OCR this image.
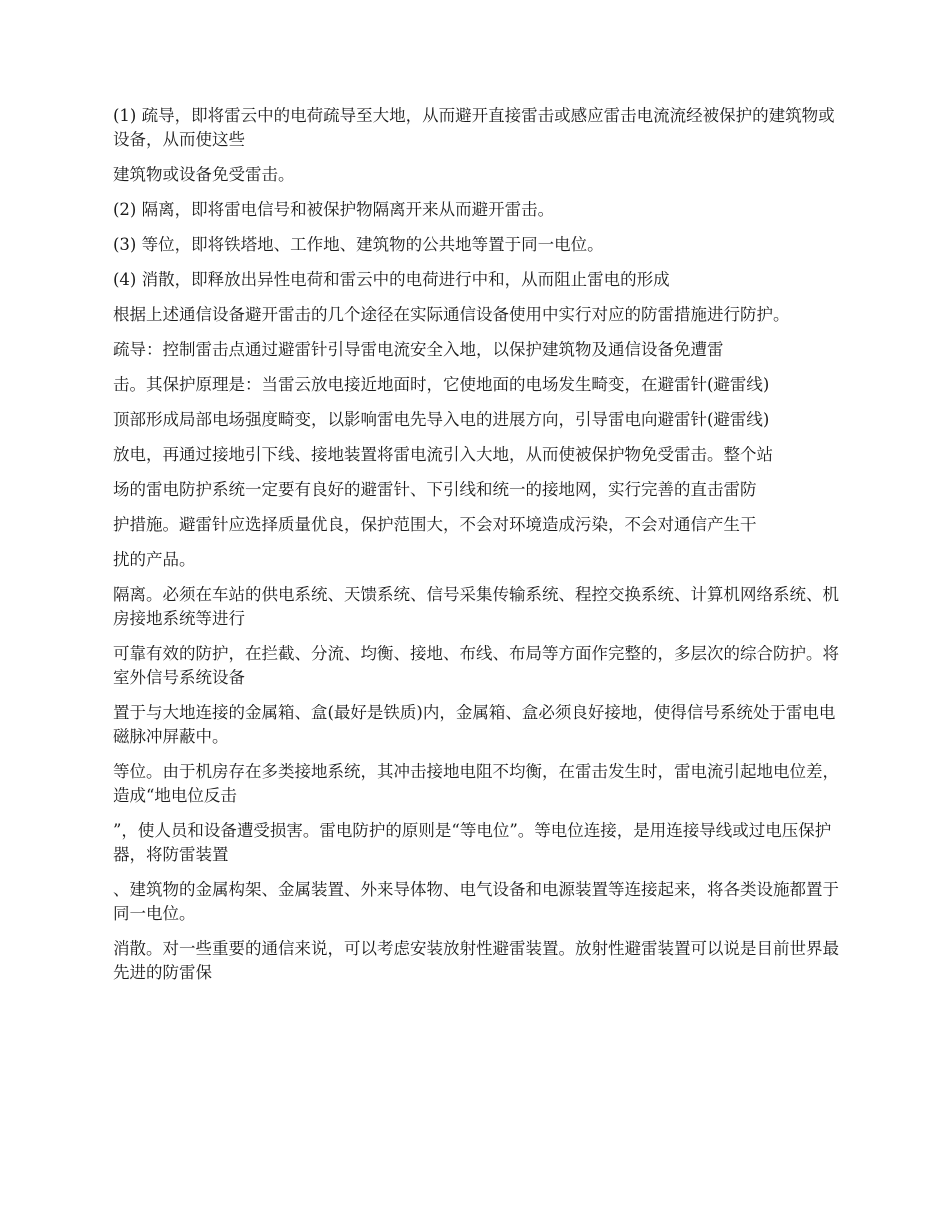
(1) 疏导，即将雷云中的电荷疏导至大地，从而避开直接雷击或感应雷击电流流经被保护的建筑物或设备，从而使这些

建筑物或设备免受雷击。

(2) 隔离，即将雷电信号和被保护物隔离开来从而避开雷击。

(3) 等位，即将铁塔地、工作地、建筑物的公共地等置于同一电位。

(4) 消散，即释放出异性电荷和雷云中的电荷进行中和，从而阻止雷电的形成

根据上述通信设备避开雷击的几个途径在实际通信设备使用中实行对应的防雷措施进行防护。

疏导：控制雷击点通过避雷针引导雷电流安全入地，以保护建筑物及通信设备免遭雷

击。其保护原理是：当雷云放电接近地面时，它使地面的电场发生畸变，在避雷针(避雷线)

顶部形成局部电场强度畸变，以影响雷电先导入电的进展方向，引导雷电向避雷针(避雷线)

放电，再通过接地引下线、接地装置将雷电流引入大地，从而使被保护物免受雷击。整个站

场的雷电防护系统一定要有良好的避雷针、下引线和统一的接地网，实行完善的直击雷防

护措施。避雷针应选择质量优良，保护范围大，不会对环境造成污染，不会对通信产生干

扰的产品。

隔离。必须在车站的供电系统、天馈系统、信号采集传输系统、程控交换系统、计算机网络系统、机房接地系统等进行

可靠有效的防护，在拦截、分流、均衡、接地、布线、布局等方面作完整的，多层次的综合防护。将室外信号系统设备

置于与大地连接的金属箱、盒(最好是铁质)内，金属箱、盒必须良好接地，使得信号系统处于雷电电磁脉冲屏蔽中。

等位。由于机房存在多类接地系统，其冲击接地电阻不均衡，在雷击发生时，雷电流引起地电位差，造成“地电位反击

”，使人员和设备遭受损害。雷电防护的原则是“等电位”。等电位连接，是用连接导线或过电压保护器，将防雷装置

、建筑物的金属构架、金属装置、外来导体物、电气设备和电源装置等连接起来，将各类设施都置于同一电位。

消散。对一些重要的通信来说，可以考虑安装放射性避雷装置。放射性避雷装置可以说是目前世界最先进的防雷保
